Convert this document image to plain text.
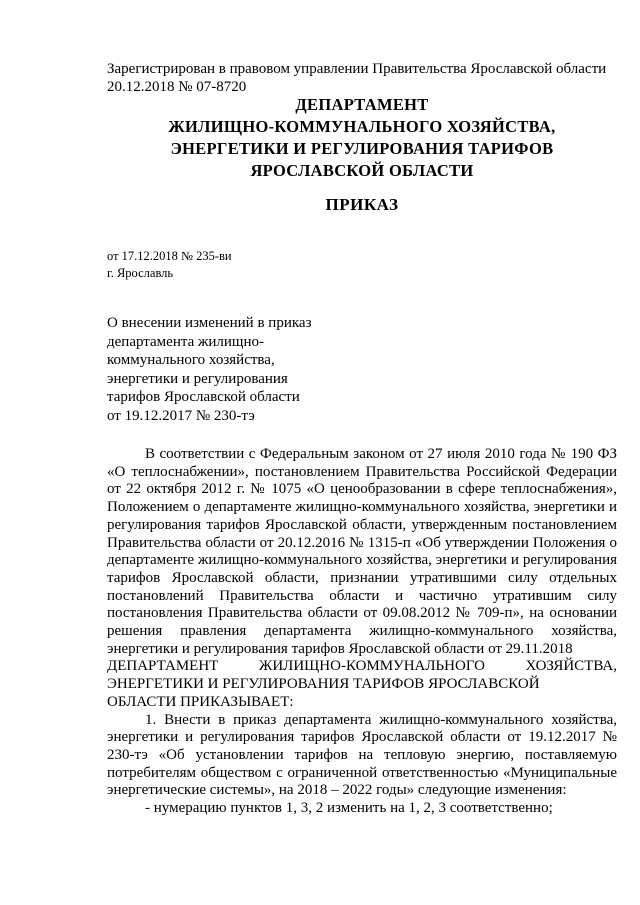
Зарегистрирован в правовом управлении Правительства Ярославской области
20.12.2018 № 07-8720
ДЕПАРТАМЕНТ
ЖИЛИЩНО-КОММУНАЛЬНОГО ХОЗЯЙСТВА,
ЭНЕРГЕТИКИ И РЕГУЛИРОВАНИЯ ТАРИФОВ
ЯРОСЛАВСКОЙ ОБЛАСТИ
ПРИКАЗ
от 17.12.2018 № 235-ви
г. Ярославль
О внесении изменений в приказ
департамента жилищно-
коммунального хозяйства,
энергетики и регулирования
тарифов Ярославской области
от 19.12.2017 № 230-тэ

В соответствии с Федеральным законом от 27 июля 2010 года № 190 ФЗ «О теплоснабжении», постановлением Правительства Российской Федерации от 22 октября 2012 г. № 1075 «О ценообразовании в сфере теплоснабжения», Положением о департаменте жилищно-коммунального хозяйства, энергетики и регулирования тарифов Ярославской области, утвержденным постановлением Правительства области от 20.12.2016 № 1315-п «Об утверждении Положения о департаменте жилищно-коммунального хозяйства, энергетики и регулирования тарифов Ярославской области, признании утратившими силу отдельных постановлений Правительства области и частично утратившим силу постановления Правительства области от 09.08.2012 № 709-п», на основании решения правления департамента жилищно-коммунального хозяйства, энергетики и регулирования тарифов Ярославской области от 29.11.2018

ДЕПАРТАМЕНТ ЖИЛИЩНО-КОММУНАЛЬНОГО ХОЗЯЙСТВА, ЭНЕРГЕТИКИ И РЕГУЛИРОВАНИЯ ТАРИФОВ ЯРОСЛАВСКОЙ

ОБЛАСТИ ПРИКАЗЫВАЕТ:

1. Внести в приказ департамента жилищно-коммунального хозяйства, энергетики и регулирования тарифов Ярославской области от 19.12.2017 № 230-тэ «Об установлении тарифов на тепловую энергию, поставляемую потребителям обществом с ограниченной ответственностью «Муниципальные энергетические системы», на 2018 – 2022 годы» следующие изменения:

- нумерацию пунктов 1, 3, 2 изменить на 1, 2, 3 соответственно;
